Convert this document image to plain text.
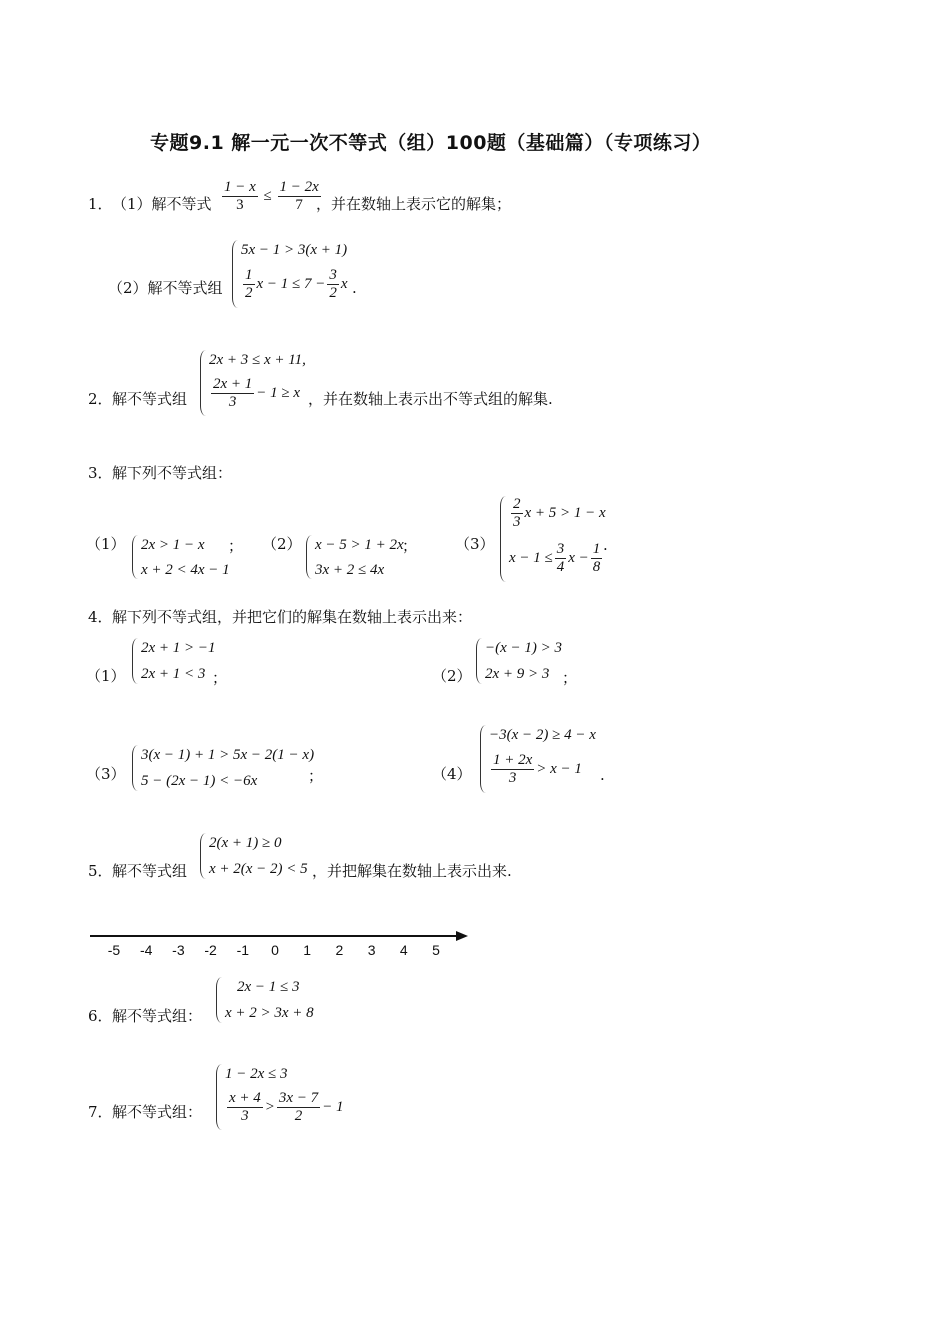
专题9.1 解一元一次不等式（组）100题（基础篇）（专项练习）
1． （1）解不等式 $\frac{1 - x}{3} \le \frac{1 - 2x}{7}$
，并在数轴上表示它的解集；
（2）解不等式组
5x − 1 > 3(x + 1)
$\frac{1}{2}$ $x - 1 \le 7 - \frac{3}{2}$ x .
2． 解不等式组
2x + 3 ≤ x + 11,
$\frac{2x + 1}{3} - 1 \ge x$ ，并在数轴上表示出不等式组的解集.
3． 解下列不等式组：
（1） 2x > 1 − x
x + 2 < 4x − 1
； （2） x − 5 > 1 + 2x
3x + 2 ≤ 4x
；	（3）
$\frac{2}{3}$ x + 5 > 1 − x
$x - 1 \le \frac{3}{4}$ $x - \frac{1}{8}$ .
4． 解下列不等式组，并把它们的解集在数轴上表示出来：
（1）
2x + 1 > −1
2x + 1 < 3 ；	（2）
−(x − 1) > 3
2x + 9 > 3 ；
（3）
3(x − 1) + 1 > 5x − 2(1 − x)
5 − (2x − 1) < −6x	；	（4）
−3(x − 2) ≥ 4 − x
$\frac{1 + 2x}{3} > x - 1$ .
5． 解不等式组
2(x + 1) ≥ 0
x + 2(x − 2) < 5 ，并把解集在数轴上表示出来.
-5 -4 -3 -2 -1 0 1 2 3 4 5
6． 解不等式组：
2x − 1 ≤ 3
x + 2 > 3x + 8
7． 解不等式组：
1 − 2x ≤ 3
$\frac{x + 4}{3} > \frac{3x - 7}{2} - 1$
